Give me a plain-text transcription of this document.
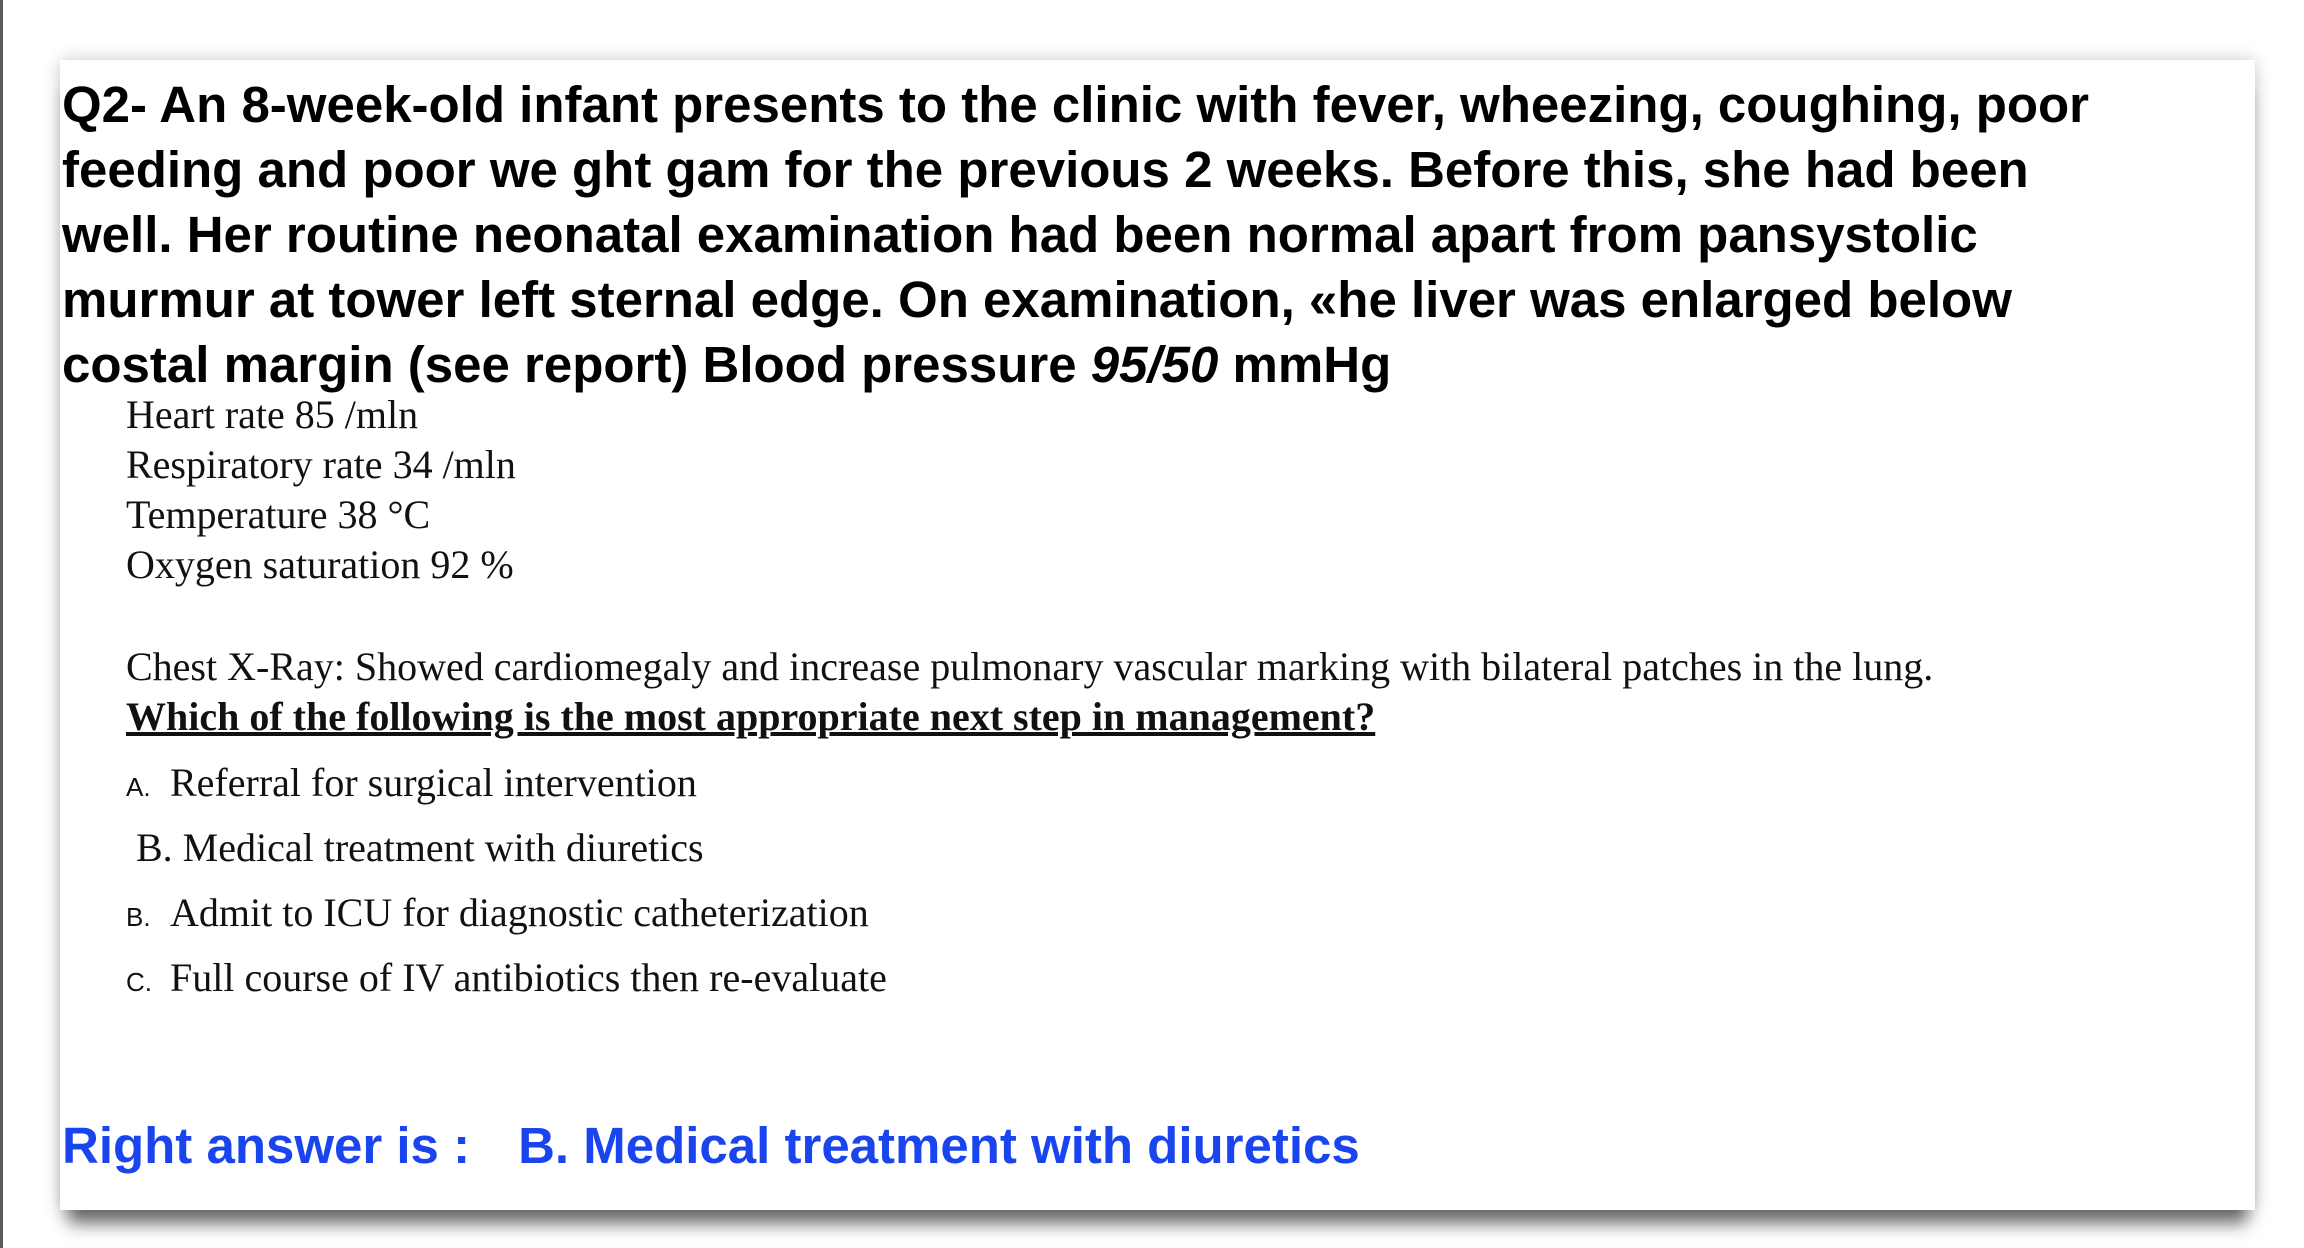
Q2- An 8-week-old infant presents to the clinic with fever, wheezing, coughing, poor
feeding and poor we ght gam for the previous 2 weeks. Before this, she had been
well. Her routine neonatal examination had been normal apart from pansystolic
murmur at tower left sternal edge. On examination, «he liver was enlarged below
costal margin (see report) Blood pressure 95/50 mmHg

Heart rate 85 /mln
Respiratory rate 34 /mln
Temperature 38 °C
Oxygen saturation 92 %

Chest X-Ray: Showed cardiomegaly and increase pulmonary vascular marking with bilateral patches in the lung.

Which of the following is the most appropriate next step in management?

A. Referral for surgical intervention
B. Medical treatment with diuretics
B. Admit to ICU for diagnostic catheterization
C. Full course of IV antibiotics then re-evaluate

Right answer is : B. Medical treatment with diuretics
